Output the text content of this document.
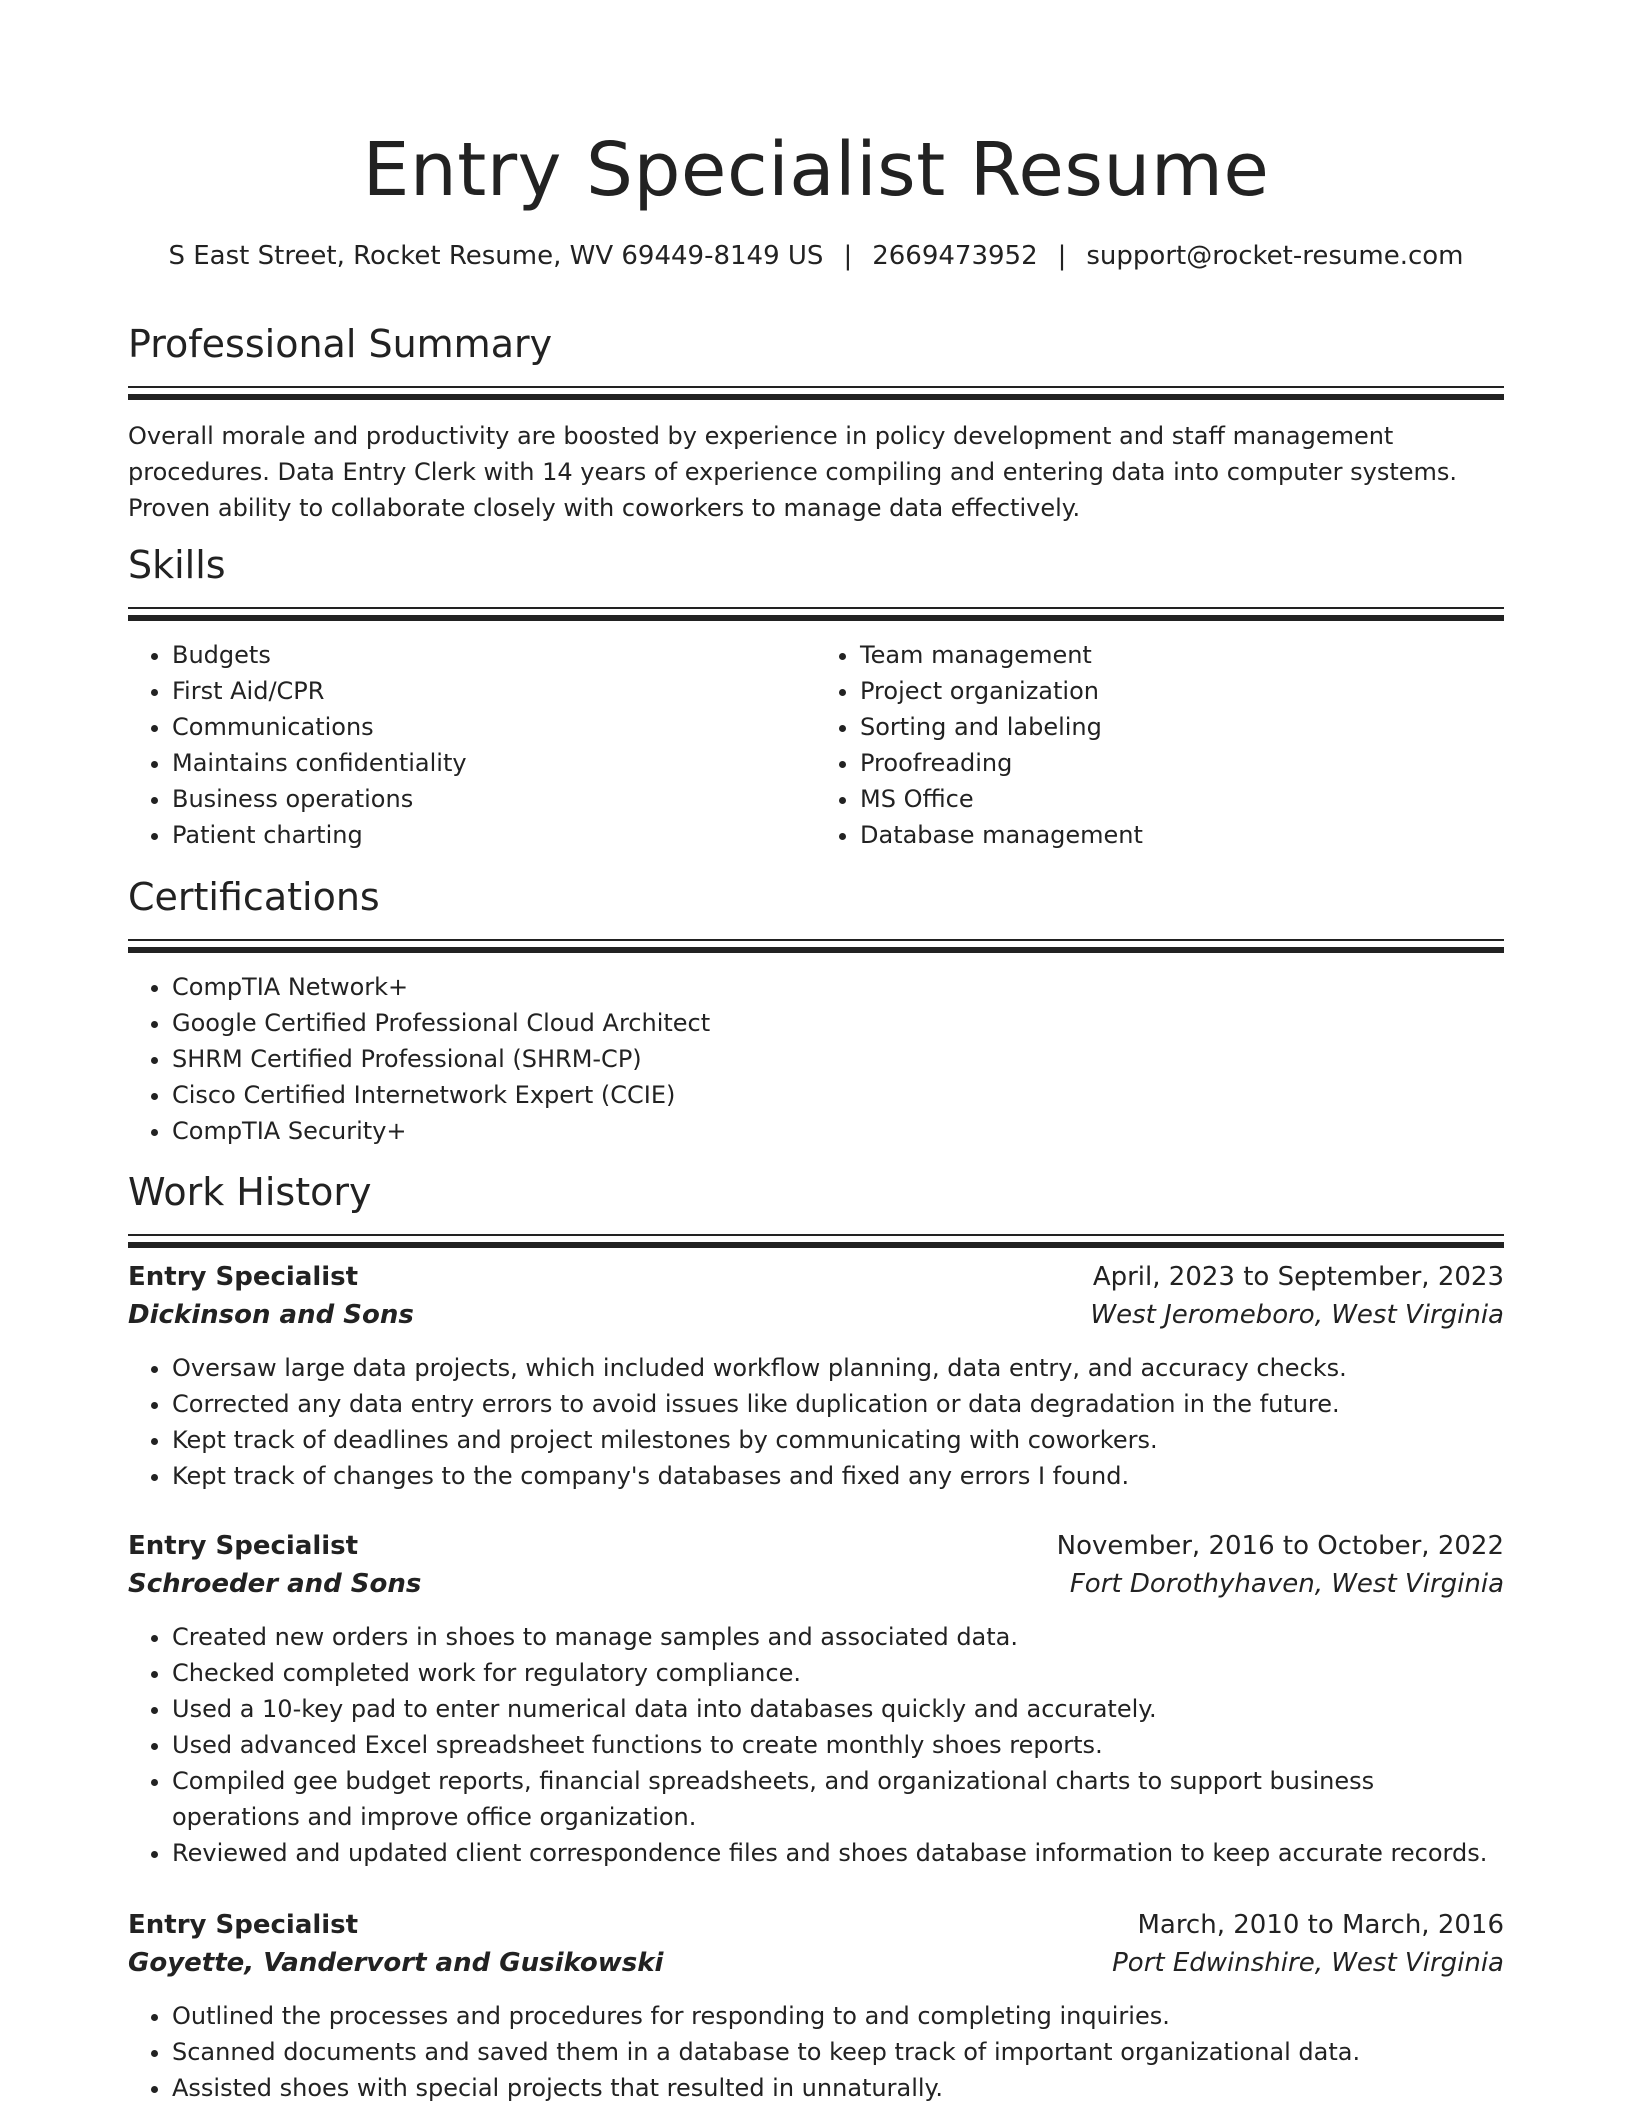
Entry Specialist Resume
S East Street, Rocket Resume, WV 69449-8149 US | 2669473952 | support@rocket-resume.com
Professional Summary
Overall morale and productivity are boosted by experience in policy development and staff management procedures. Data Entry Clerk with 14 years of experience compiling and entering data into computer systems. Proven ability to collaborate closely with coworkers to manage data effectively.
Skills
• Budgets
• First Aid/CPR
• Communications
• Maintains confidentiality
• Business operations
• Patient charting
• Team management
• Project organization
• Sorting and labeling
• Proofreading
• MS Office
• Database management
Certifications
• CompTIA Network+
• Google Certified Professional Cloud Architect
• SHRM Certified Professional (SHRM-CP)
• Cisco Certified Internetwork Expert (CCIE)
• CompTIA Security+
Work History
Entry Specialist	April, 2023 to September, 2023
Dickinson and Sons	West Jeromeboro, West Virginia
• Oversaw large data projects, which included workflow planning, data entry, and accuracy checks.
• Corrected any data entry errors to avoid issues like duplication or data degradation in the future.
• Kept track of deadlines and project milestones by communicating with coworkers.
• Kept track of changes to the company's databases and fixed any errors I found.
Entry Specialist	November, 2016 to October, 2022
Schroeder and Sons	Fort Dorothyhaven, West Virginia
• Created new orders in shoes to manage samples and associated data.
• Checked completed work for regulatory compliance.
• Used a 10-key pad to enter numerical data into databases quickly and accurately.
• Used advanced Excel spreadsheet functions to create monthly shoes reports.
• Compiled gee budget reports, financial spreadsheets, and organizational charts to support business operations and improve office organization.
• Reviewed and updated client correspondence files and shoes database information to keep accurate records.
Entry Specialist	March, 2010 to March, 2016
Goyette, Vandervort and Gusikowski	Port Edwinshire, West Virginia
• Outlined the processes and procedures for responding to and completing inquiries.
• Scanned documents and saved them in a database to keep track of important organizational data.
• Assisted shoes with special projects that resulted in unnaturally.
